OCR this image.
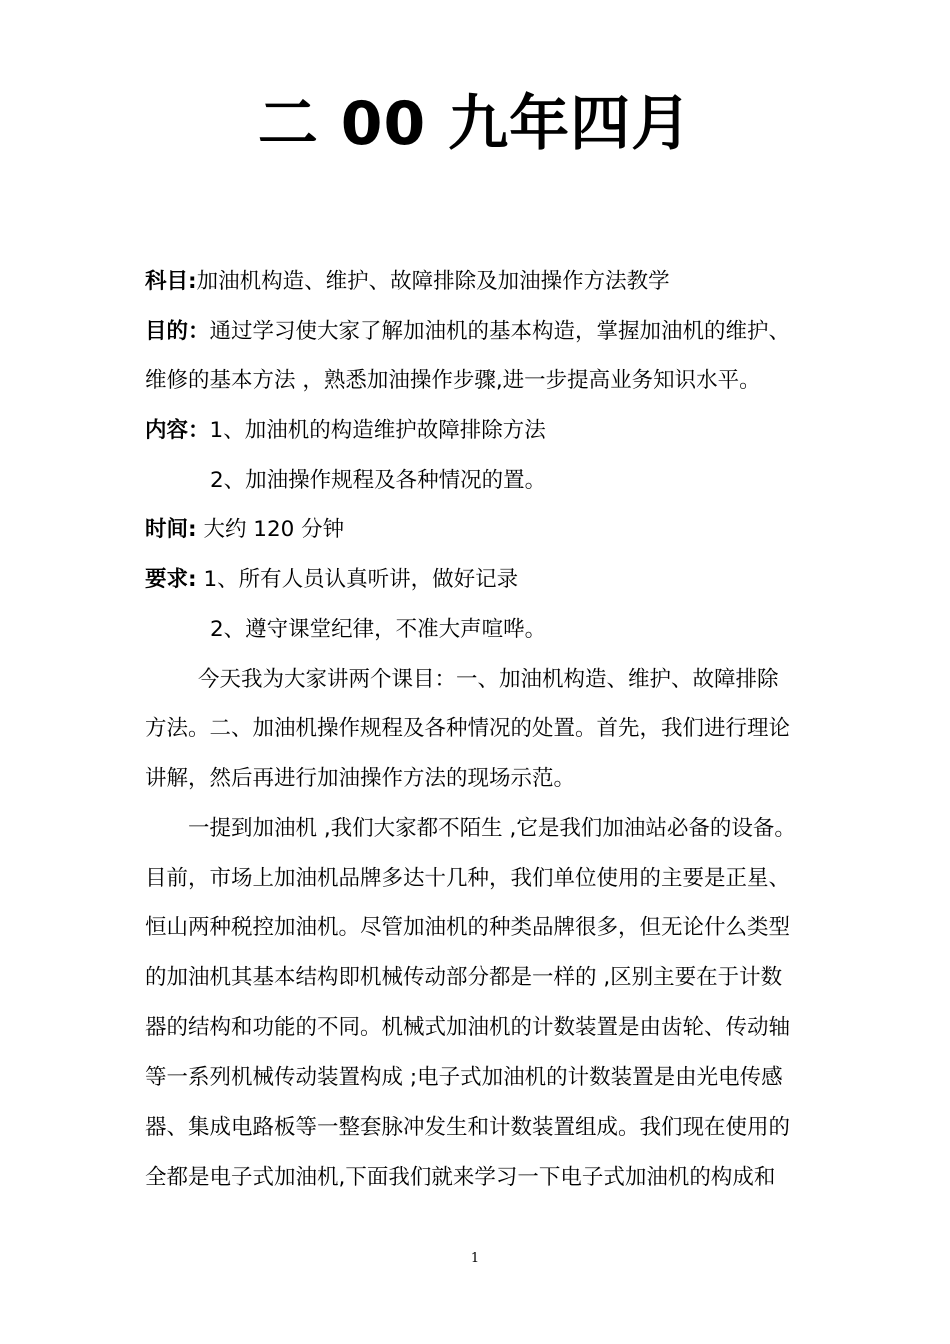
二 00 九年四月
科目:加油机构造、维护、故障排除及加油操作方法教学
目的：通过学习使大家了解加油机的基本构造，掌握加油机的维护、
维修的基本方法 ，熟悉加油操作步骤,进一步提高业务知识水平。
内容：1、加油机的构造维护故障排除方法
2、加油操作规程及各种情况的置。
时间: 大约 120 分钟
要求: 1、所有人员认真听讲，做好记录
2、遵守课堂纪律，不准大声喧哗。
今天我为大家讲两个课目：一、加油机构造、维护、故障排除
方法。二、加油机操作规程及各种情况的处置。首先，我们进行理论
讲解，然后再进行加油操作方法的现场示范。
一提到加油机 ,我们大家都不陌生 ,它是我们加油站必备的设备。
目前，市场上加油机品牌多达十几种，我们单位使用的主要是正星、
恒山两种税控加油机。尽管加油机的种类品牌很多，但无论什么类型
的加油机其基本结构即机械传动部分都是一样的 ,区别主要在于计数
器的结构和功能的不同。机械式加油机的计数装置是由齿轮、传动轴
等一系列机械传动装置构成 ;电子式加油机的计数装置是由光电传感
器、集成电路板等一整套脉冲发生和计数装置组成。我们现在使用的
全都是电子式加油机,下面我们就来学习一下电子式加油机的构成和
1
